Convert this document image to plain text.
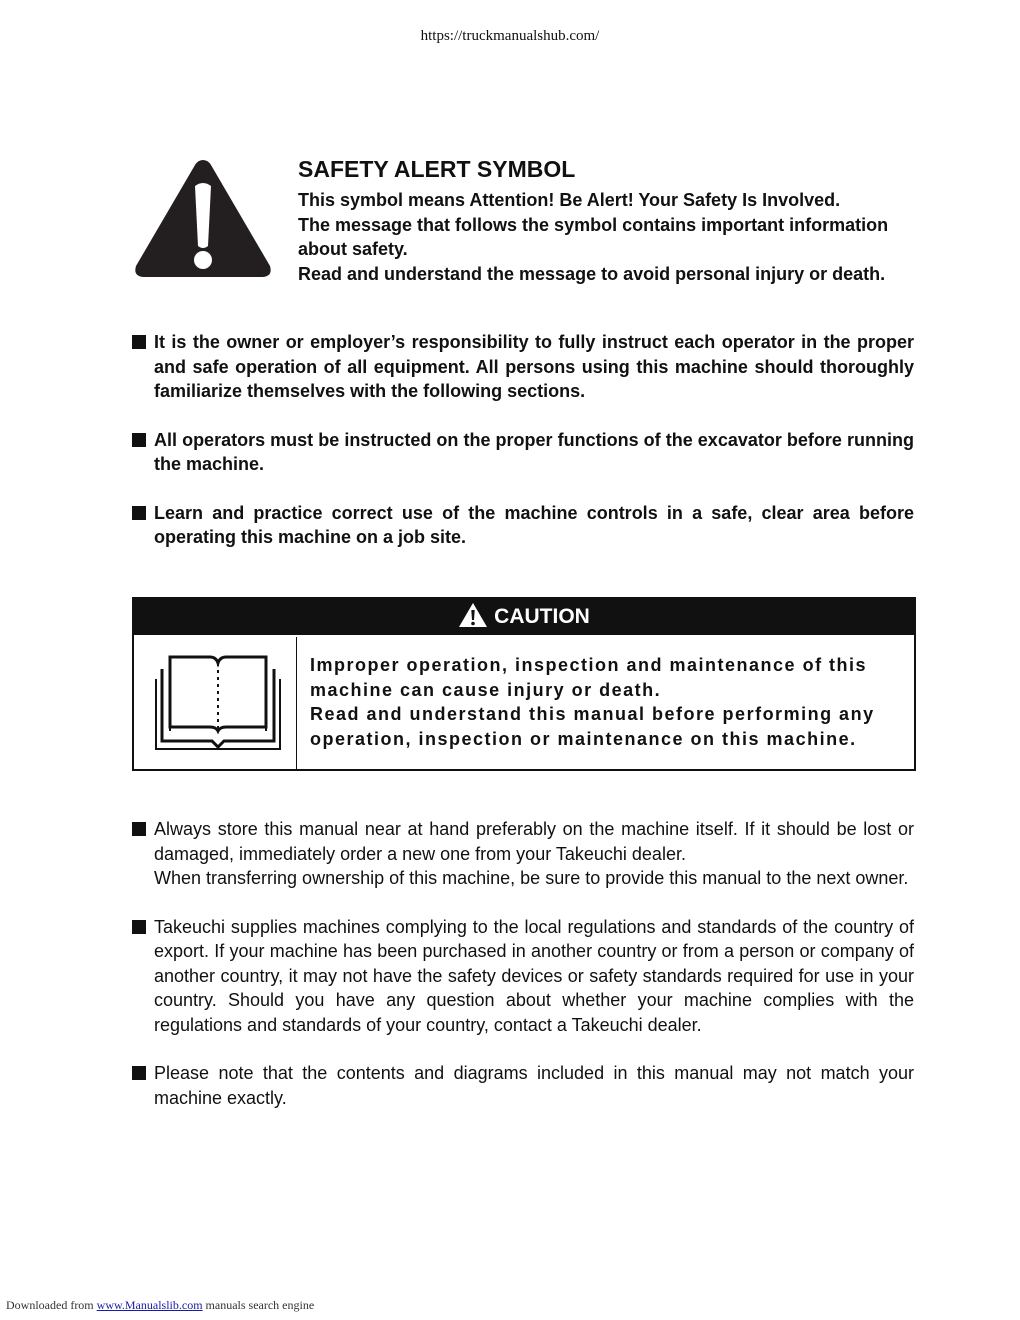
https://truckmanualshub.com/
SAFETY ALERT SYMBOL
This symbol means Attention! Be Alert! Your Safety Is Involved.
The message that follows the symbol contains important information about safety.
Read and understand the message to avoid personal injury or death.
It is the owner or employer’s responsibility to fully instruct each operator in the proper and safe operation of all equipment. All persons using this machine should thoroughly familiarize themselves with the following sections.
All operators must be instructed on the proper functions of the excavator before running the machine.
Learn and practice correct use of the machine controls in a safe, clear area before operating this machine on a job site.
CAUTION
Improper operation, inspection and maintenance of this machine can cause injury or death.
Read and understand this manual before performing any operation, inspection or maintenance on this machine.
Always store this manual near at hand preferably on the machine itself. If it should be lost or damaged, immediately order a new one from your Takeuchi dealer.
When transferring ownership of this machine, be sure to provide this manual to the next owner.
Takeuchi supplies machines complying to the local regulations and standards of the country of export. If your machine has been purchased in another country or from a person or company of another country, it may not have the safety devices or safety standards required for use in your country. Should you have any question about whether your machine complies with the regulations and standards of your country, contact a Takeuchi dealer.
Please note that the contents and diagrams included in this manual may not match your machine exactly.
Downloaded from www.Manualslib.com manuals search engine
